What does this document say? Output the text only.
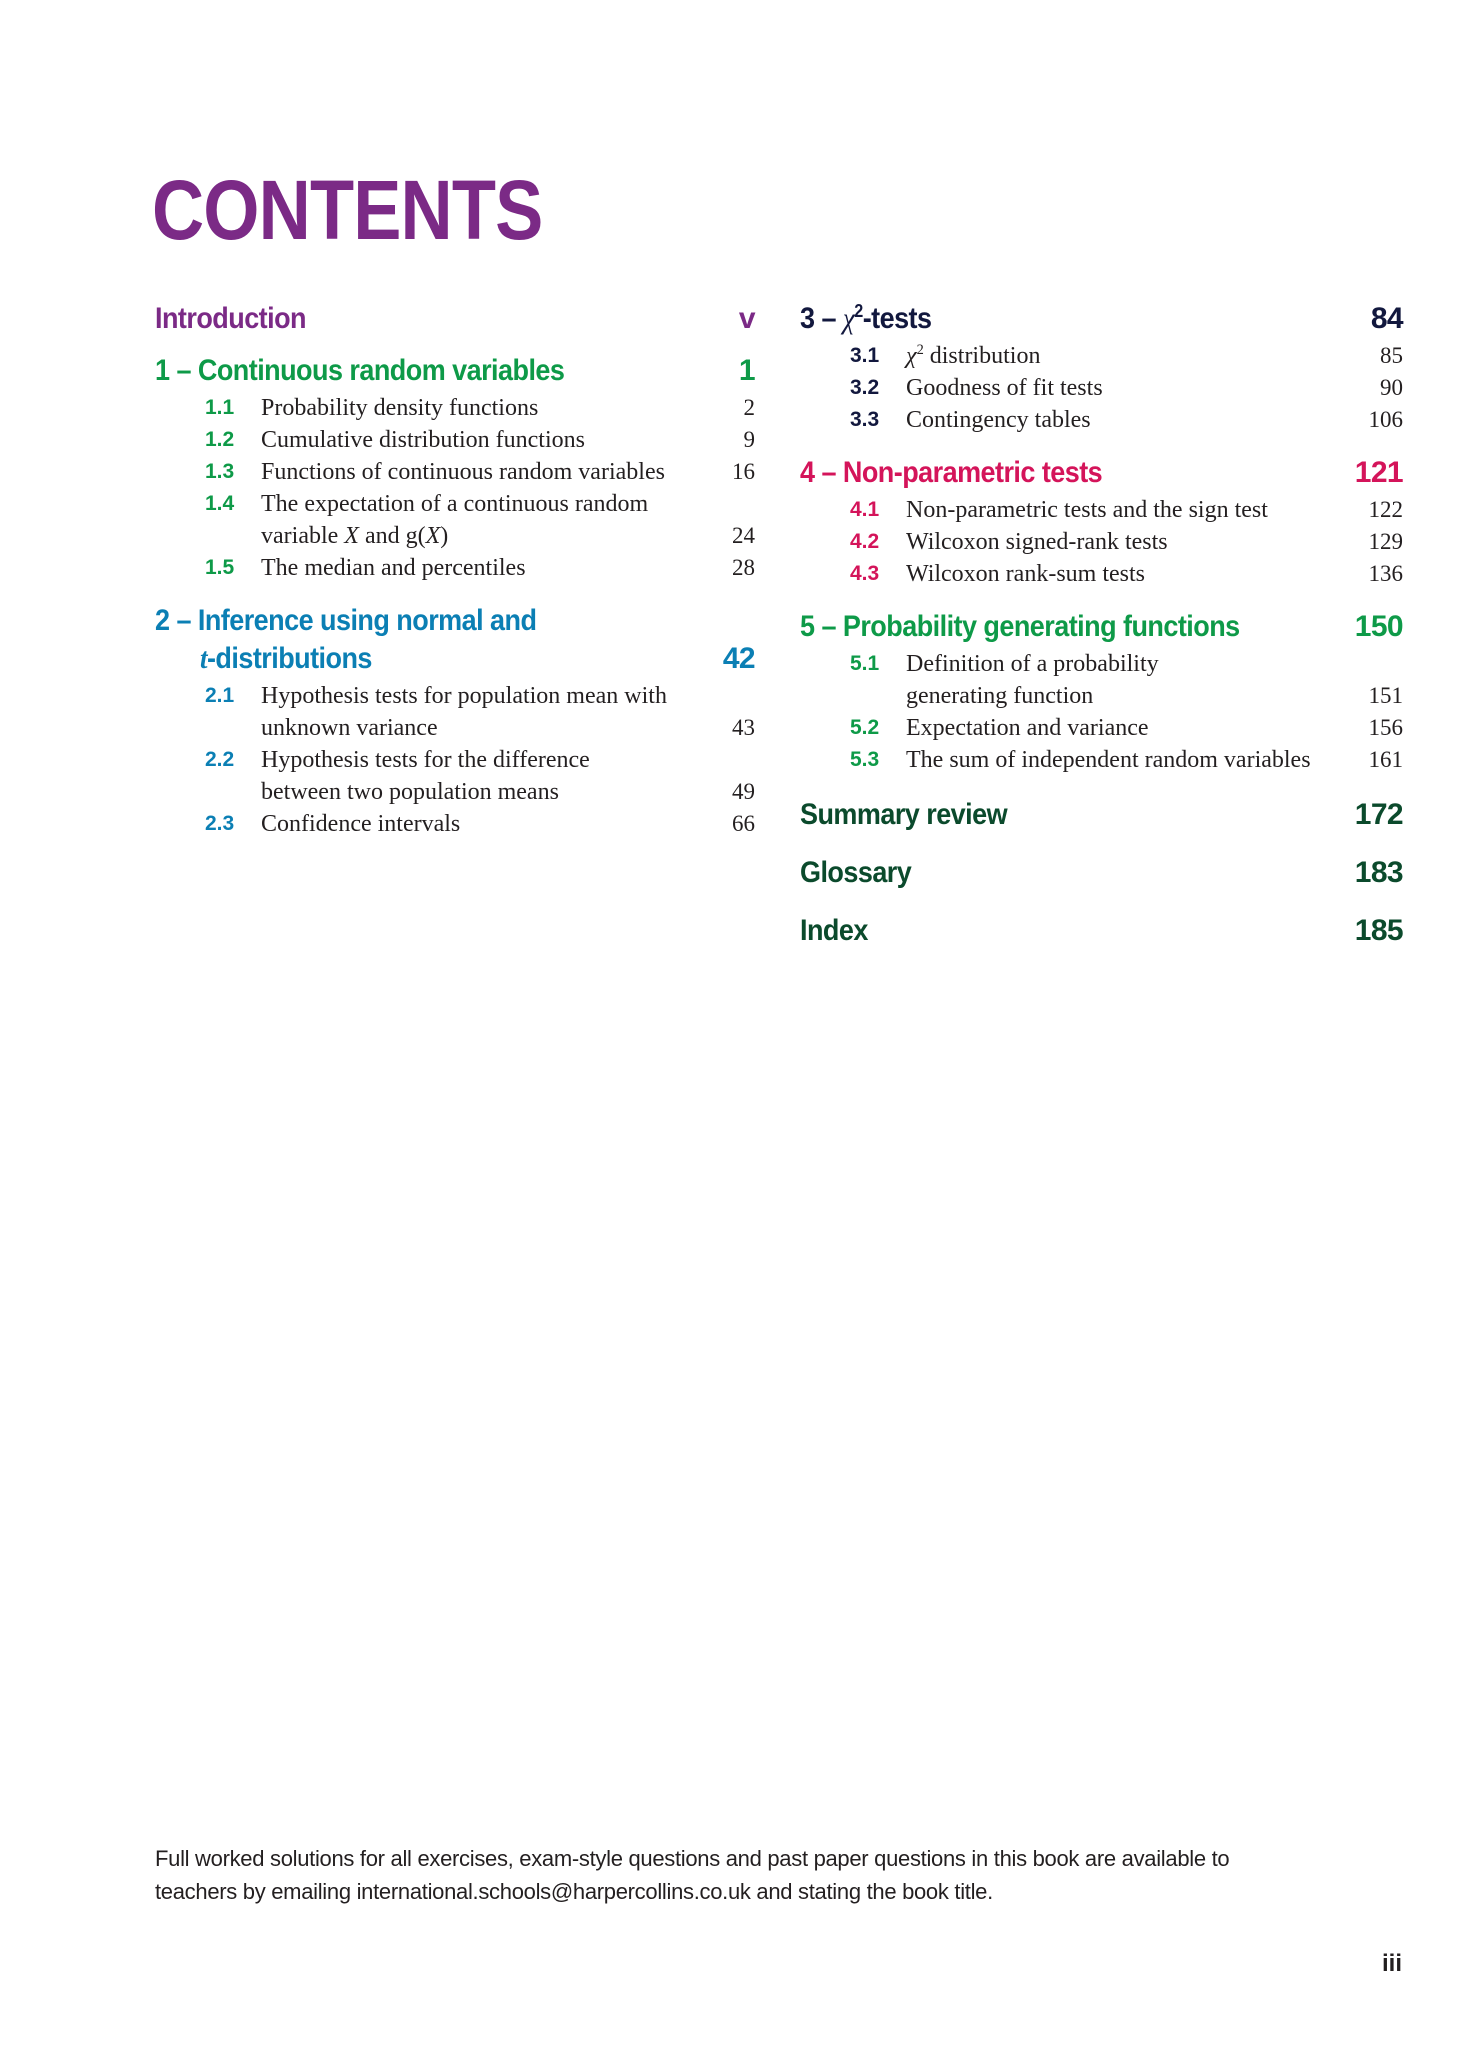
CONTENTS
Introduction	v
1 – Continuous random variables	1
1.1	Probability density functions	2
1.2	Cumulative distribution functions	9
1.3	Functions of continuous random variables	16
1.4	The expectation of a continuous random
variable X and g(X)	24
1.5	The median and percentiles	28
2 – Inference using normal and
t-distributions	42
2.1	Hypothesis tests for population mean with
unknown variance	43
2.2	Hypothesis tests for the difference
between two population means	49
2.3	Confidence intervals	66
$3 - \chi^2$-tests	84
3.1	$\chi^2$ distribution	85
3.2	Goodness of fit tests	90
3.3	Contingency tables	106
4 – Non-parametric tests	121
4.1	Non-parametric tests and the sign test	122
4.2	Wilcoxon signed-rank tests	129
4.3	Wilcoxon rank-sum tests	136
5 – Probability generating functions	150
5.1	Definition of a probability
generating function	151
5.2	Expectation and variance	156
5.3	The sum of independent random variables	161
Summary review	172
Glossary	183
Index	185
Full worked solutions for all exercises, exam-style questions and past paper questions in this book are available to
teachers by emailing international.schools@harpercollins.co.uk and stating the book title.
iii
